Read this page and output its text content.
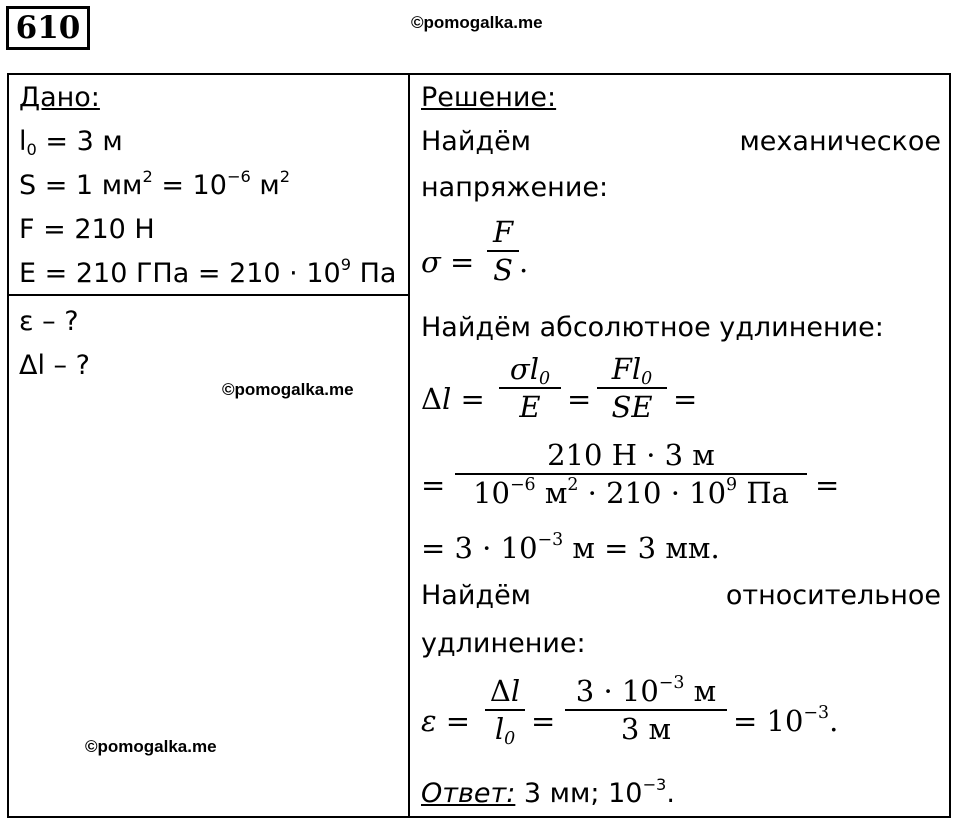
610	©pomogalka.me
©pomogalka.me
©pomogalka.me
Дано:
$l_0 = 3$ м
S = 1 $мм^2 = 10^{-6}$ $м^2$
F = 210 Н
E = 210 ГПа = $210 \cdot 10^9$ Па
ε – ?
Δl – ?
Решение:
Найдём	механическое
напряжение:
σ =
F
S .
Найдём абсолютное удлинение:
Δl =
$\sigma l_0$
E =
$Fl_0$
SE =
=
210 Н · 3 м
$10^{-6}$ $м^2 \cdot 210 \cdot 10^9$ Па =
= $3 \cdot 10^{-3}$ м = 3 мм.
Найдём	относительное
удлинение:
ε =
Δl
$l_0$
=
$3 \cdot 10^{-3}$ м
3 м	= $10^{-3}$.
Ответ: 3 мм; $10^{-3}$.
